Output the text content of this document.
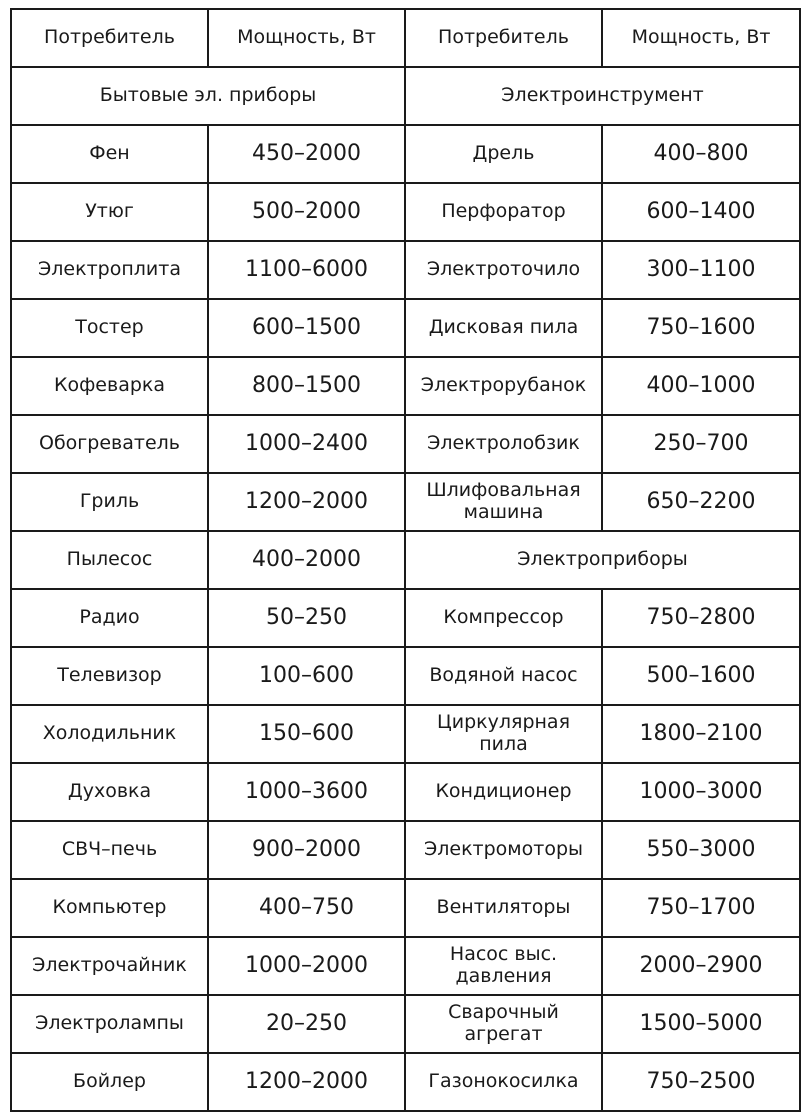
Потребитель	Мощность, Вт	Потребитель	Мощность, Вт
Бытовые эл. приборы		Электроинструмент	
Фен	450–2000	Дрель	400–800
Утюг	500–2000	Перфоратор	600–1400
Электроплита	1100–6000	Электроточило	300–1100
Тостер	600–1500	Дисковая пила	750–1600
Кофеварка	800–1500	Электрорубанок	400–1000
Обогреватель	1000–2400	Электролобзик	250–700
Гриль	1200–2000	Шлифовальная машина	650–2200
Пылесос	400–2000	Электроприборы	
Радио	50–250	Компрессор	750–2800
Телевизор	100–600	Водяной насос	500–1600
Холодильник	150–600	Циркулярная пила	1800–2100
Духовка	1000–3600	Кондиционер	1000–3000
СВЧ–печь	900–2000	Электромоторы	550–3000
Компьютер	400–750	Вентиляторы	750–1700
Электрочайник	1000–2000	Насос выс. давления	2000–2900
Электролампы	20–250	Сварочный агрегат	1500–5000
Бойлер	1200–2000	Газонокосилка	750–2500
